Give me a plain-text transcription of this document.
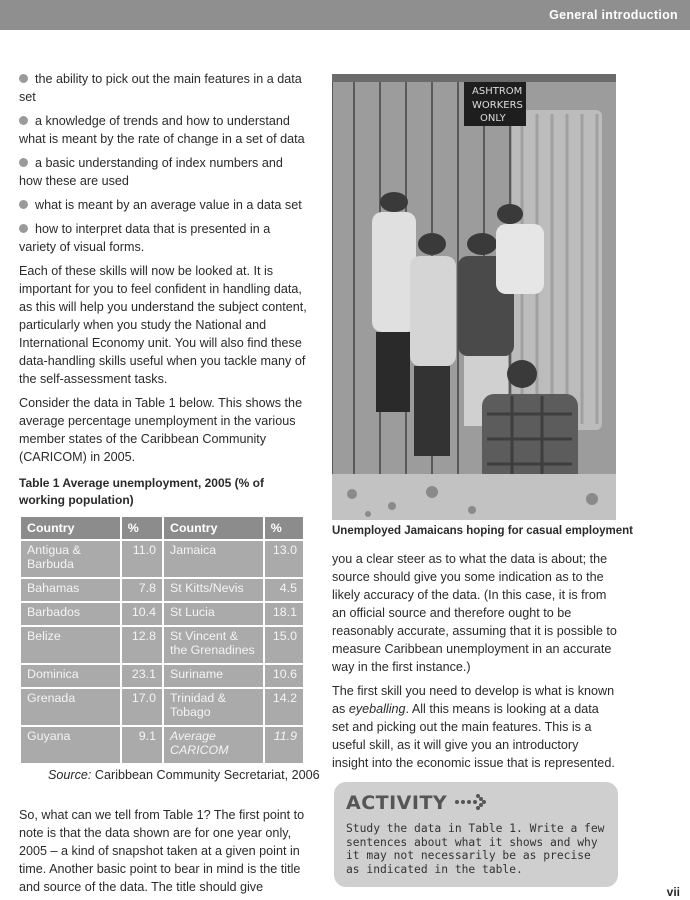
General introduction
the ability to pick out the main features in a data set
a knowledge of trends and how to understand what is meant by the rate of change in a set of data
a basic understanding of index numbers and how these are used
what is meant by an average value in a data set
how to interpret data that is presented in a variety of visual forms.

Each of these skills will now be looked at. It is important for you to feel confident in handling data, as this will help you understand the subject content, particularly when you study the National and International Economy unit. You will also find these data-handling skills useful when you tackle many of the self-assessment tasks.

Consider the data in Table 1 below. This shows the average percentage unemployment in the various member states of the Caribbean Community (CARICOM) in 2005.

Table 1 Average unemployment, 2005 (% of working population)
Country	%	Country	%
Antigua & Barbuda	11.0	Jamaica	13.0
Bahamas	7.8	St Kitts/Nevis	4.5
Barbados	10.4	St Lucia	18.1
Belize	12.8	St Vincent & the Grenadines	15.0
Dominica	23.1	Suriname	10.6
Grenada	17.0	Trinidad & Tobago	14.2
Guyana	9.1	Average CARICOM	11.9
Source: Caribbean Community Secretariat, 2006

So, what can we tell from Table 1? The first point to note is that the data shown are for one year only, 2005 – a kind of snapshot taken at a given point in time. Another basic point to bear in mind is the title and source of the data. The title should give

ASHTROM
WORKERS
ONLY
Unemployed Jamaicans hoping for casual employment

you a clear steer as to what the data is about; the source should give you some indication as to the likely accuracy of the data. (In this case, it is from an official source and therefore ought to be reasonably accurate, assuming that it is possible to measure Caribbean unemployment in an accurate way in the first instance.)

The first skill you need to develop is what is known as eyeballing. All this means is looking at a data set and picking out the main features. This is a useful skill, as it will give you an introductory insight into the economic issue that is represented.

ACTIVITY
Study the data in Table 1. Write a few sentences about what it shows and why it may not necessarily be as precise as indicated in the table.
vii
